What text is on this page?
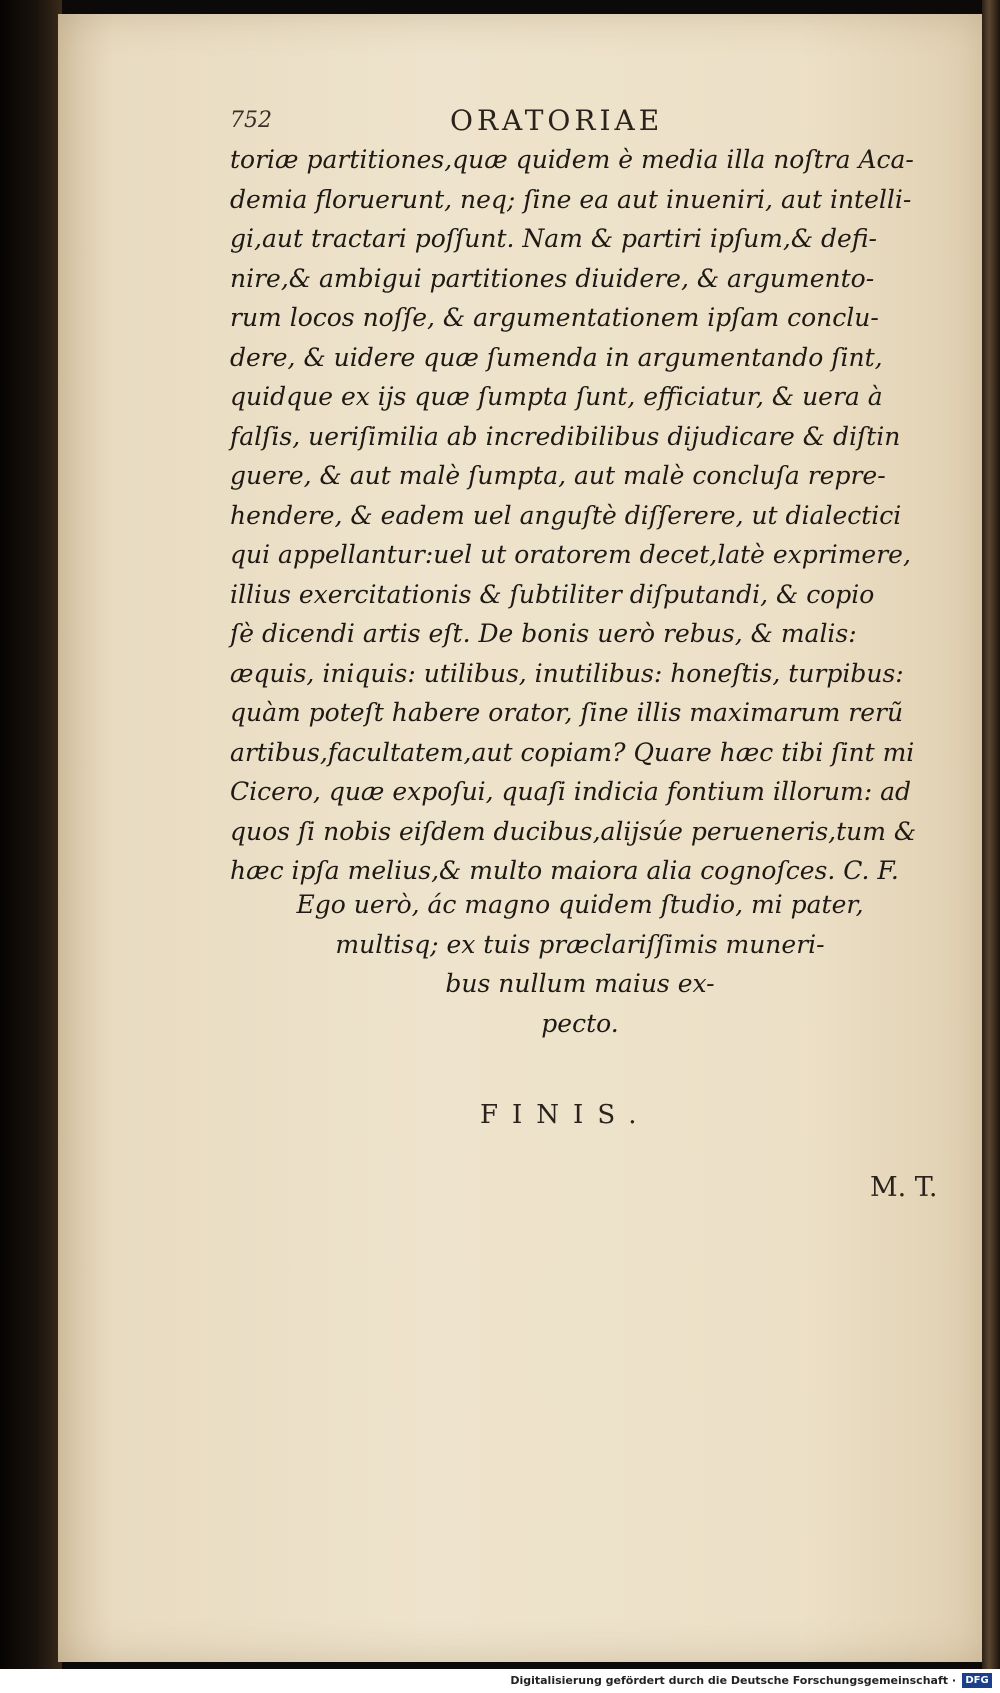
752	ORATORIAE
toriæ partitiones,quæ quidem è media illa noſtra Aca-
demia floruerunt, neq; ſine ea aut inueniri, aut intelli-
gi,aut tractari poſſunt. Nam & partiri ipſum,& defi-
nire,& ambigui partitiones diuidere, & argumento-
rum locos noſſe, & argumentationem ipſam conclu-
dere, & uidere quæ ſumenda in argumentando ſint,
quidque ex ijs quæ ſumpta ſunt, efficiatur, & uera à
falſis, ueriſimilia ab incredibilibus dijudicare & diſtin
guere, & aut malè ſumpta, aut malè concluſa repre-
hendere, & eadem uel anguſtè diſſerere, ut dialectici
qui appellantur:uel ut oratorem decet,latè exprimere,
illius exercitationis & ſubtiliter diſputandi, & copio
ſè dicendi artis eſt. De bonis uerò rebus, & malis:
æquis, iniquis: utilibus, inutilibus: honeſtis, turpibus:
quàm poteſt habere orator, ſine illis maximarum rerũ
artibus,facultatem,aut copiam? Quare hæc tibi ſint mi
Cicero, quæ expoſui, quaſi indicia fontium illorum: ad
quos ſi nobis eiſdem ducibus,alijsúe perueneris,tum &
hæc ipſa melius,& multo maiora alia cognoſces. C. F.
Ego uerò, ác magno quidem ſtudio, mi pater,
multisq; ex tuis præclariſſimis muneri-
bus nullum maius ex-
pecto.
FINIS.
M. T.
Digitalisierung gefördert durch die Deutsche Forschungsgemeinschaft · DFG
